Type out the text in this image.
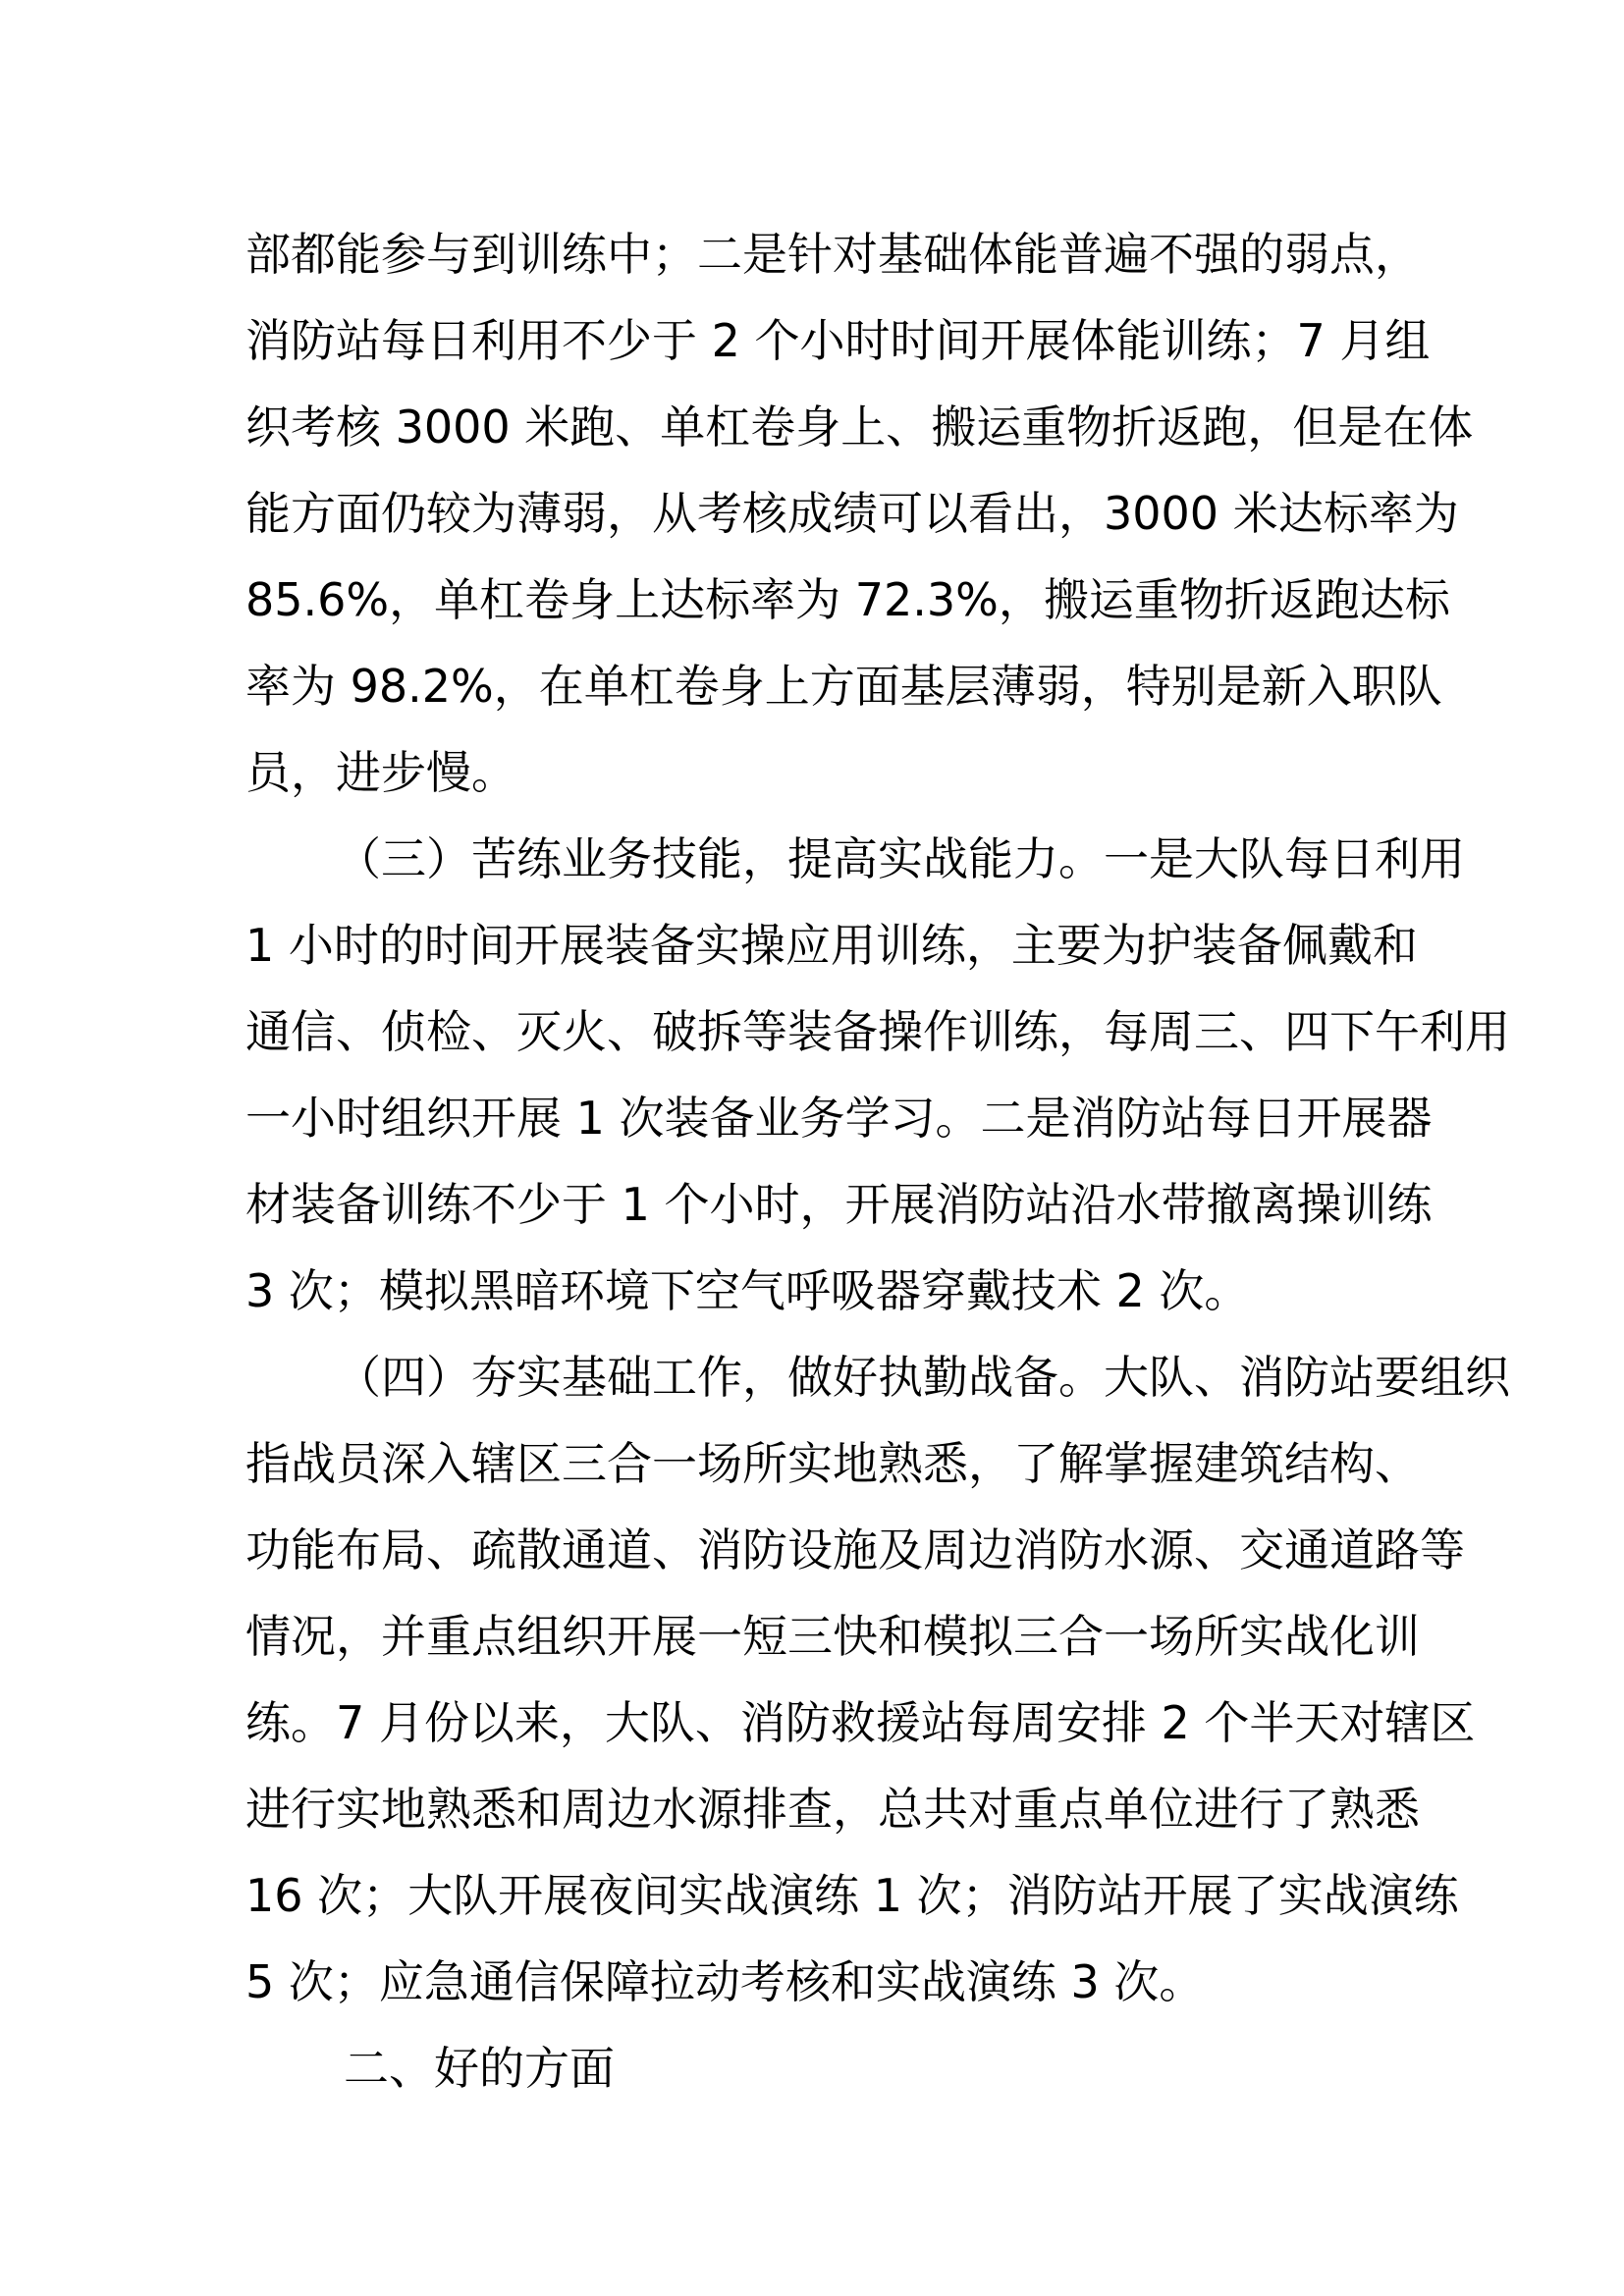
部都能参与到训练中；二是针对基础体能普遍不强的弱点，
消防站每日利用不少于 2 个小时时间开展体能训练；7 月组
织考核 3000 米跑、单杠卷身上、搬运重物折返跑，但是在体
能方面仍较为薄弱，从考核成绩可以看出，3000 米达标率为
85.6%，单杠卷身上达标率为 72.3%，搬运重物折返跑达标
率为 98.2%，在单杠卷身上方面基层薄弱，特别是新入职队
员，进步慢。
（三）苦练业务技能，提高实战能力。一是大队每日利用
1 小时的时间开展装备实操应用训练，主要为护装备佩戴和
通信、侦检、灭火、破拆等装备操作训练，每周三、四下午利用
一小时组织开展 1 次装备业务学习。二是消防站每日开展器
材装备训练不少于 1 个小时，开展消防站沿水带撤离操训练
3 次；模拟黑暗环境下空气呼吸器穿戴技术 2 次。
（四）夯实基础工作，做好执勤战备。大队、消防站要组织
指战员深入辖区三合一场所实地熟悉，了解掌握建筑结构、
功能布局、疏散通道、消防设施及周边消防水源、交通道路等
情况，并重点组织开展一短三快和模拟三合一场所实战化训
练。7 月份以来，大队、消防救援站每周安排 2 个半天对辖区
进行实地熟悉和周边水源排查，总共对重点单位进行了熟悉
16 次；大队开展夜间实战演练 1 次；消防站开展了实战演练
5 次；应急通信保障拉动考核和实战演练 3 次。
二、好的方面
